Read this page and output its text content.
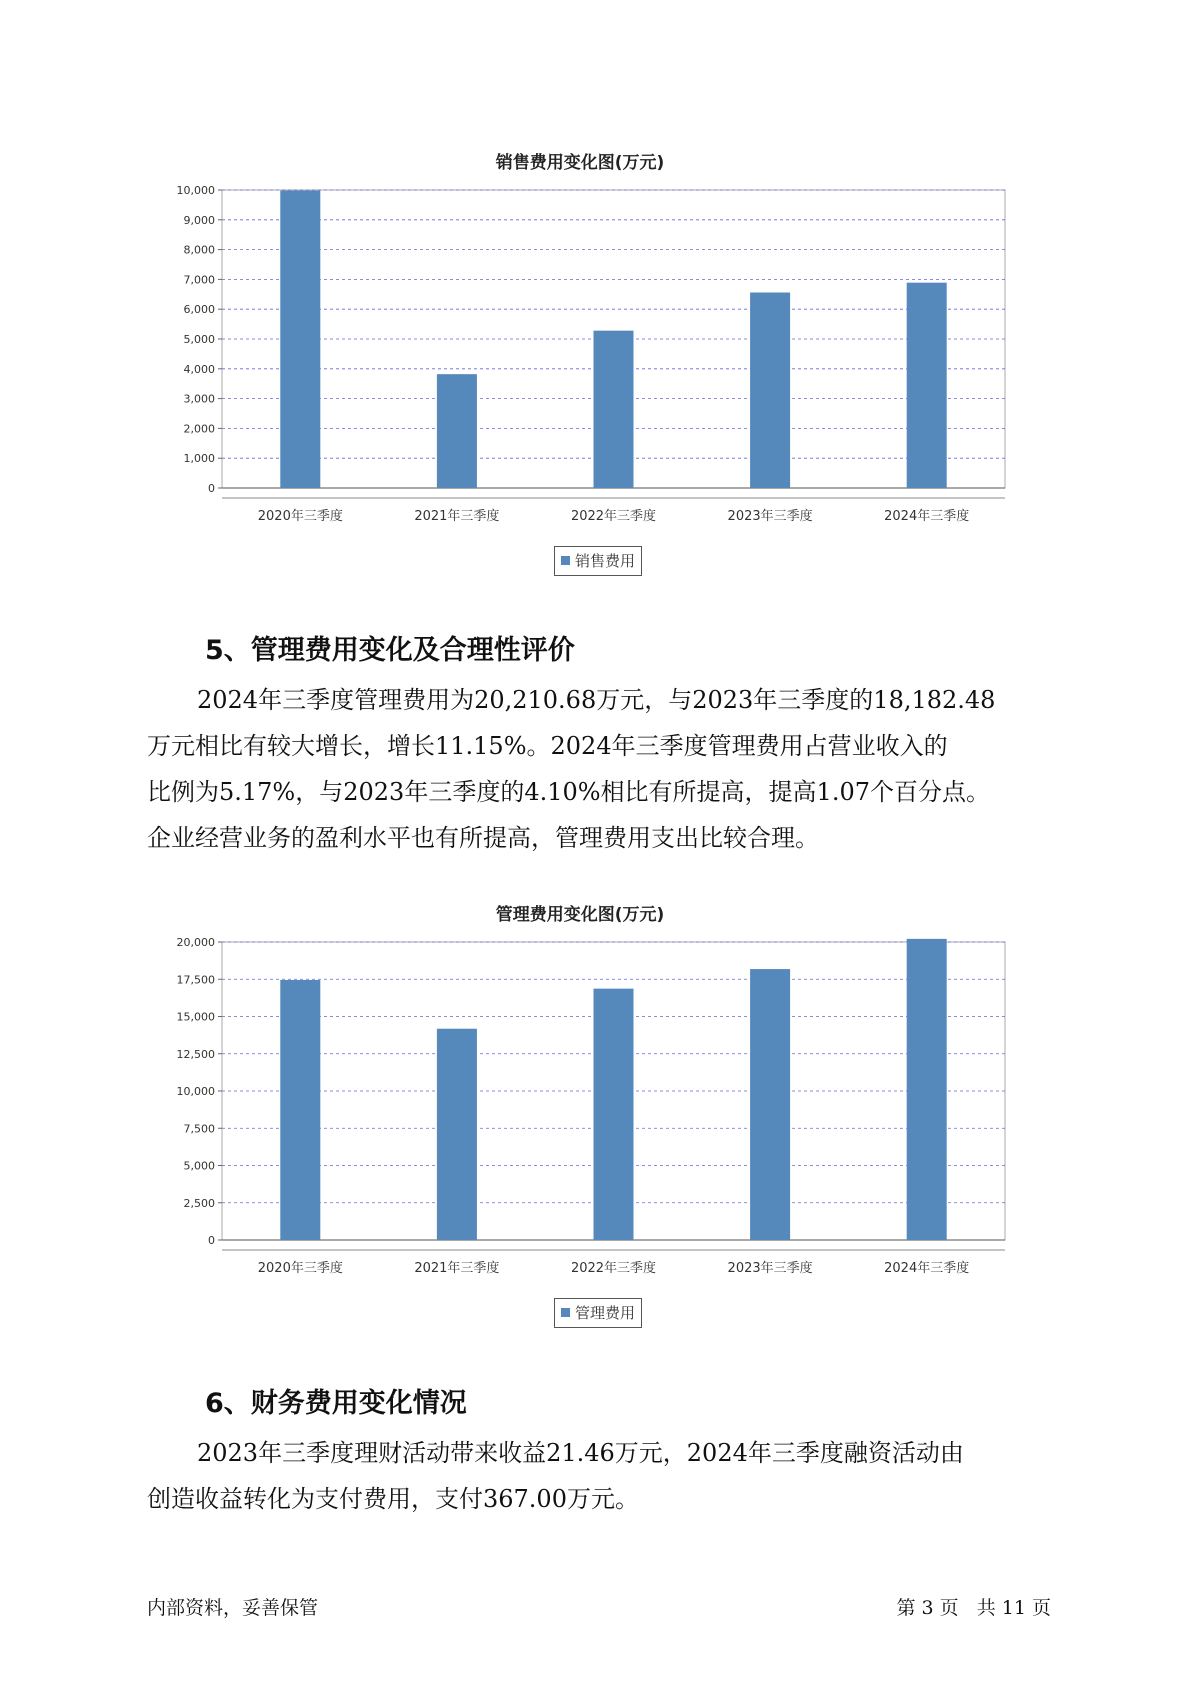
销售费用变化图(万元)
0
1,000
2,000
3,000
4,000
5,000
6,000
7,000
8,000
9,000
10,000
2020年三季度	2021年三季度	2022年三季度	2023年三季度	2024年三季度
销售费用
5、管理费用变化及合理性评价
2024年三季度管理费用为20,210.68万元，与2023年三季度的18,182.48
万元相比有较大增长，增长11.15%。2024年三季度管理费用占营业收入的
比例为5.17%，与2023年三季度的4.10%相比有所提高，提高1.07个百分点。
企业经营业务的盈利水平也有所提高，管理费用支出比较合理。
管理费用变化图(万元)
0
2,500
5,000
7,500
10,000
12,500
15,000
17,500
20,000
2020年三季度	2021年三季度	2022年三季度	2023年三季度	2024年三季度
管理费用
6、财务费用变化情况
2023年三季度理财活动带来收益21.46万元，2024年三季度融资活动由
创造收益转化为支付费用，支付367.00万元。
内部资料，妥善保管	第 3 页   共 11 页
